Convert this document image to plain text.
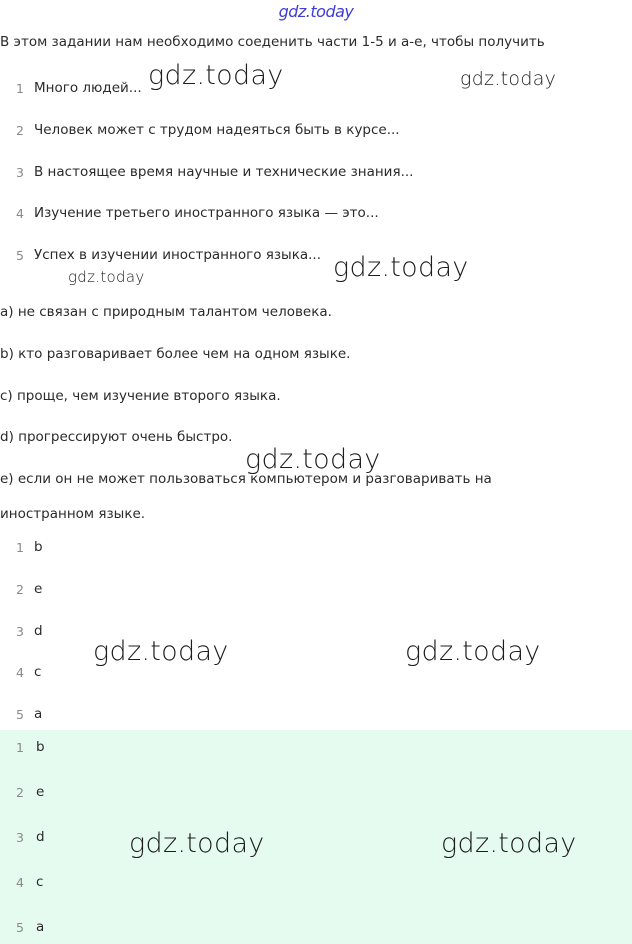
gdz.today
В этом задании нам необходимо соеденить части 1-5 и a-e, чтобы получить
1 Много людей...
2 Человек может с трудом надеяться быть в курсе...
3 В настоящее время научные и технические знания...
4 Изучение третьего иностранного языка — это...
5 Успех в изучении иностранного языка...
a) не связан с природным талантом человека.
b) кто разговаривает более чем на одном языке.
c) проще, чем изучение второго языка.
d) прогрессируют очень быстро.
e) если он не может пользоваться компьютером и разговаривать на
иностранном языке.
1 b
2 e
3 d
4 c
5 a
1 b
2 e
3 d
4 c
5 a
gdz.today	gdz.today
gdz.today
gdz.today
gdz.today
gdz.today	gdz.today
gdz.today	gdz.today
